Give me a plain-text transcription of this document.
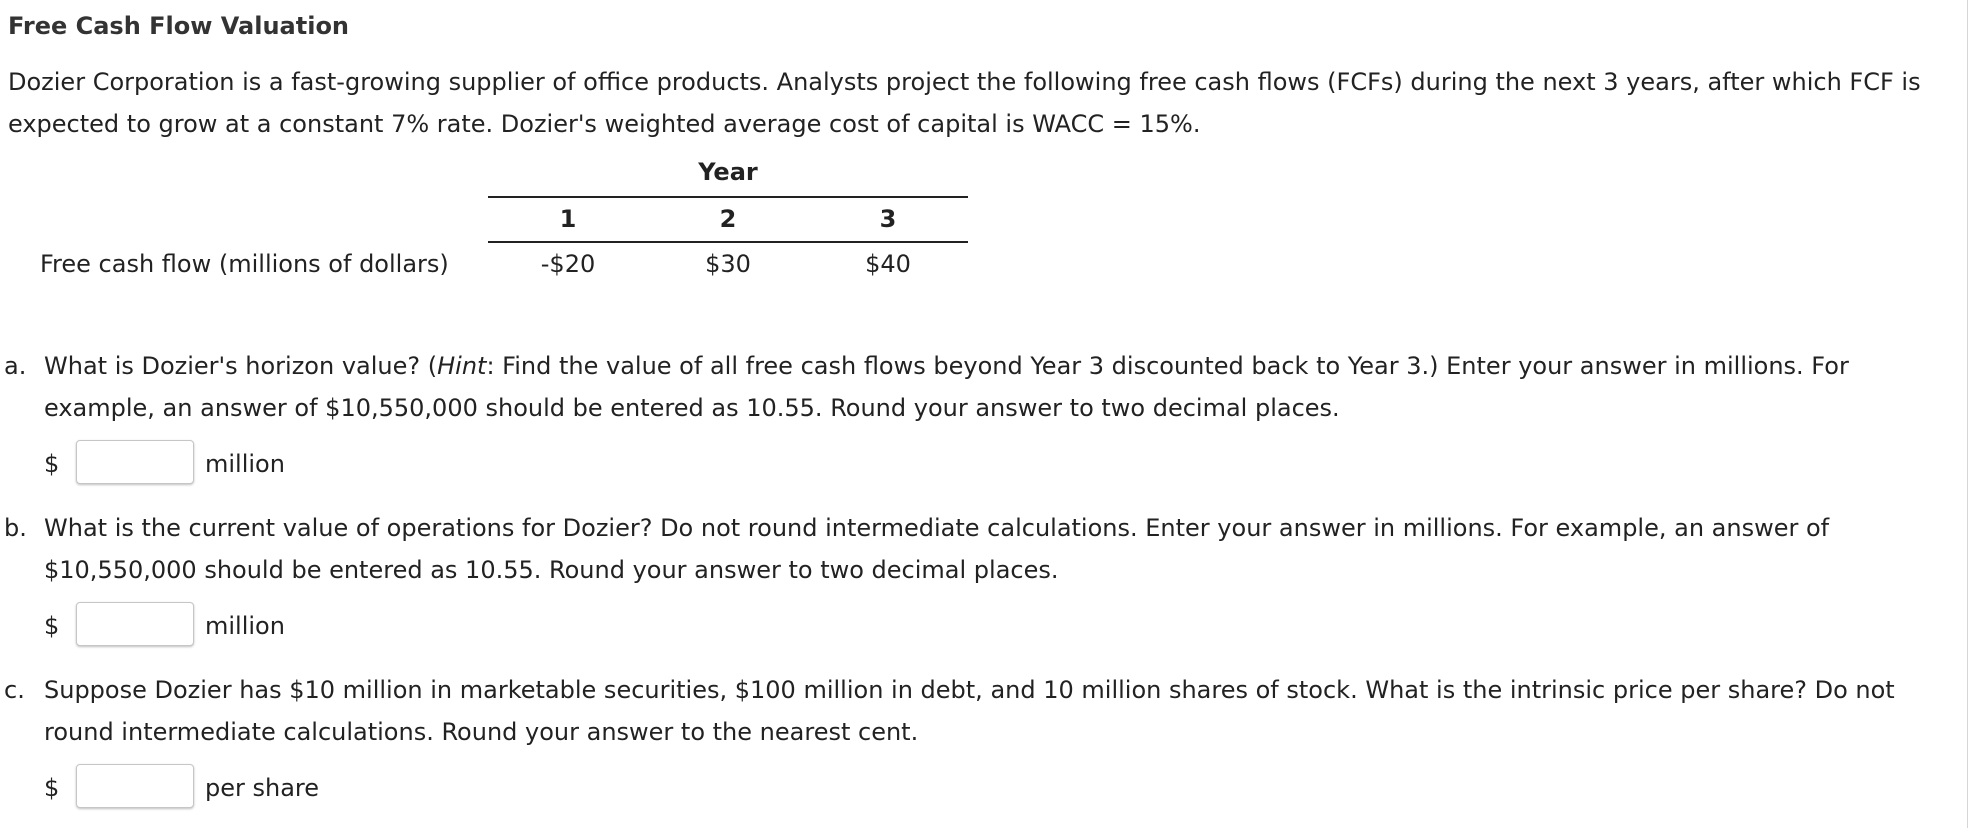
Free Cash Flow Valuation
Dozier Corporation is a fast-growing supplier of office products. Analysts project the following free cash flows (FCFs) during the next 3 years, after which FCF is expected to grow at a constant 7% rate. Dozier's weighted average cost of capital is WACC = 15%.
Year
1	2	3
Free cash flow (millions of dollars)	-$20	$30	$40
a. What is Dozier's horizon value? (Hint: Find the value of all free cash flows beyond Year 3 discounted back to Year 3.) Enter your answer in millions. For example, an answer of $10,550,000 should be entered as 10.55. Round your answer to two decimal places.
$	million
b. What is the current value of operations for Dozier? Do not round intermediate calculations. Enter your answer in millions. For example, an answer of $10,550,000 should be entered as 10.55. Round your answer to two decimal places.
$	million
c. Suppose Dozier has $10 million in marketable securities, $100 million in debt, and 10 million shares of stock. What is the intrinsic price per share? Do not round intermediate calculations. Round your answer to the nearest cent.
$	per share
